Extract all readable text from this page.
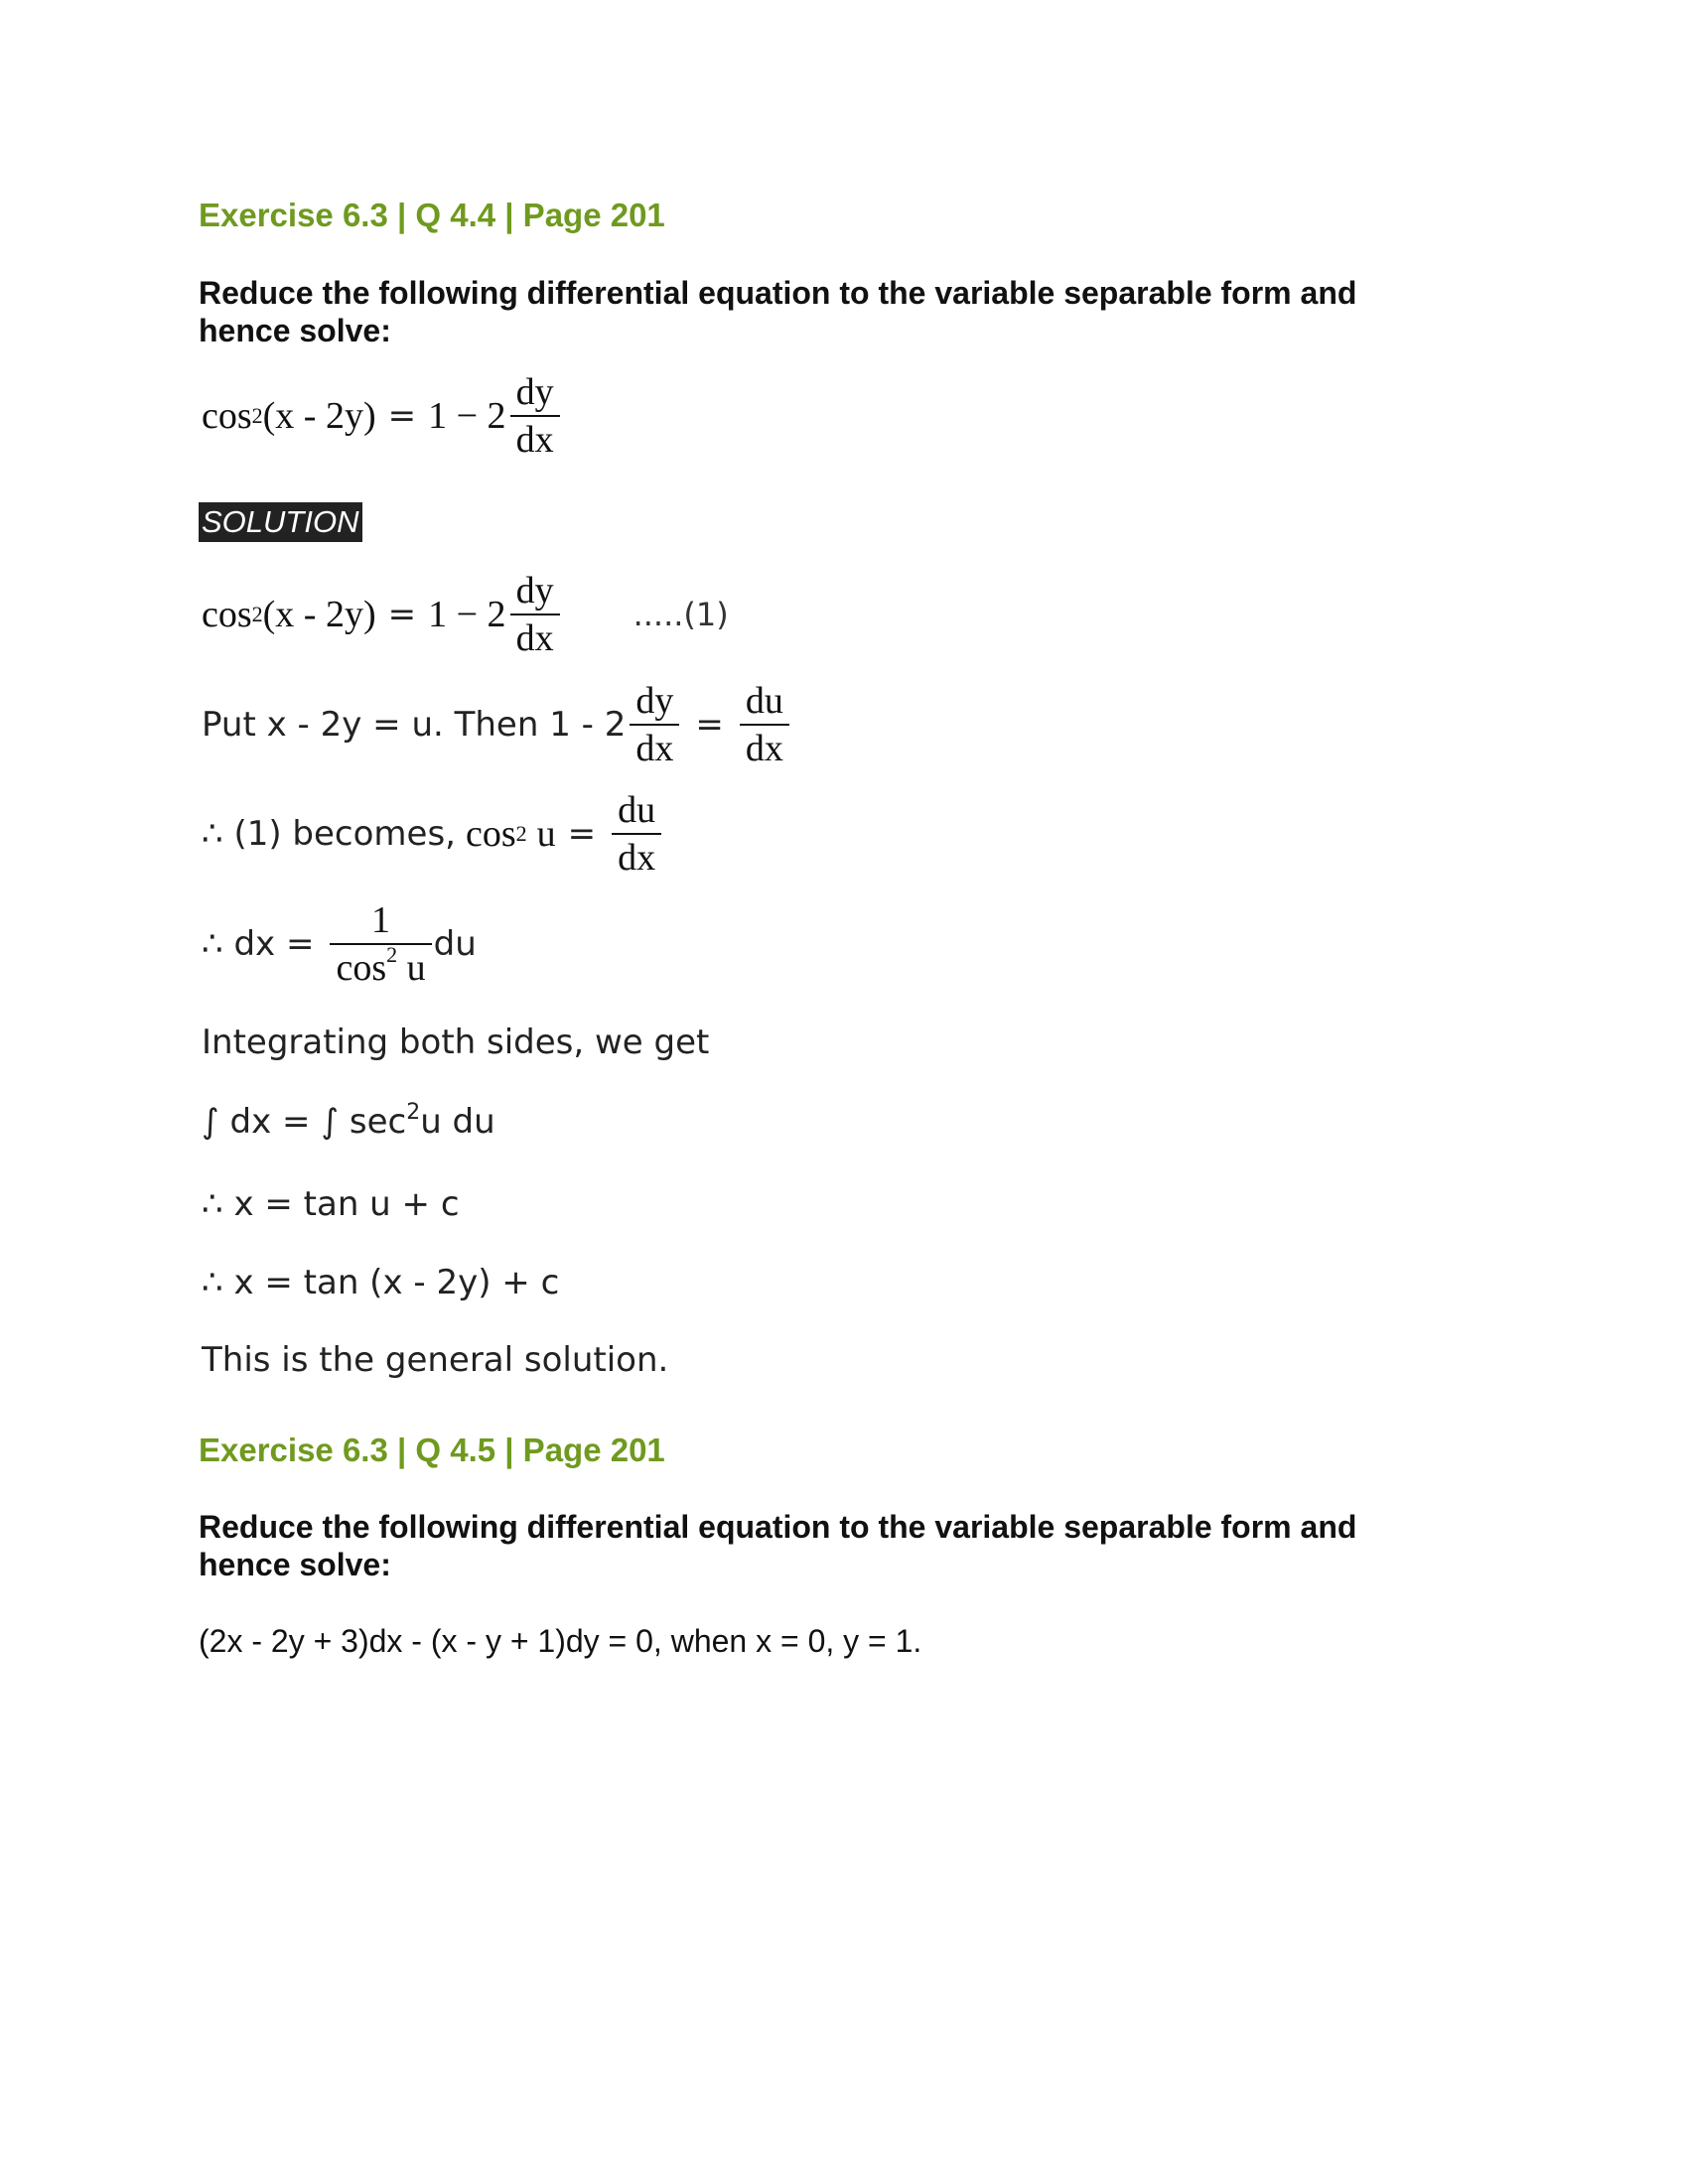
Exercise 6.3 | Q 4.4 | Page 201
Reduce the following differential equation to the variable separable form and
hence solve:
cos 2 $(x - 2y) = 1 - 2 \frac{dy}{dx}$
SOLUTION
cos 2 $(x - 2y) = 1 - 2 \frac{dy}{dx} .....(1)$
Put x - 2y = u. Then $1 - 2 \frac{dy}{dx} = \frac{du}{dx}$
∴ (1) becomes, cos 2 $u = \frac{du}{dx}$
∴ dx = $\frac{1}{\cos^2 u}$ du
Integrating both sides, we get
∫ dx = ∫ $\sec^2u$ du
∴ x = tan u + c
∴ x = tan (x - 2y) + c
This is the general solution.
Exercise 6.3 | Q 4.5 | Page 201
Reduce the following differential equation to the variable separable form and
hence solve:
(2x - 2y + 3)dx - (x - y + 1)dy = 0, when x = 0, y = 1.
